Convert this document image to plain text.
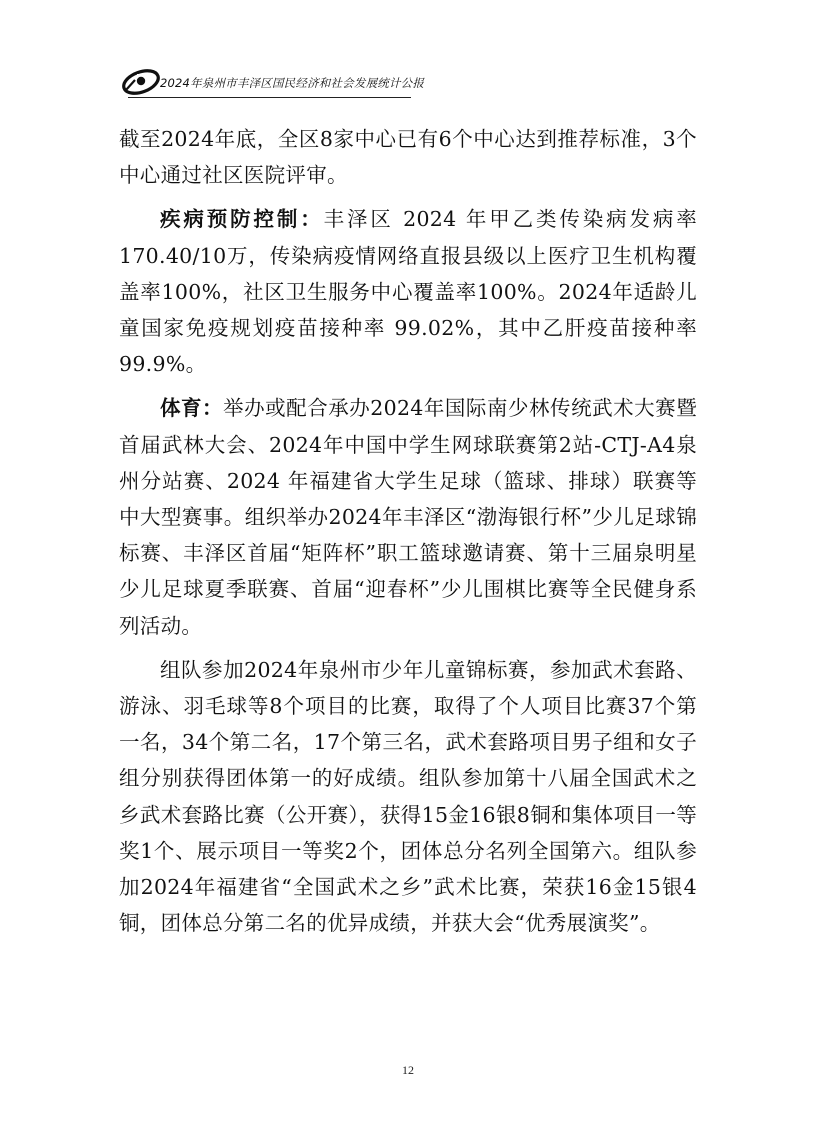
2024年泉州市丰泽区国民经济和社会发展统计公报

截至2024年底，全区8家中心已有6个中心达到推荐标准，3个中心通过社区医院评审。

疾病预防控制：丰泽区 2024 年甲乙类传染病发病率170.40/10万，传染病疫情网络直报县级以上医疗卫生机构覆盖率100%，社区卫生服务中心覆盖率100%。2024年适龄儿童国家免疫规划疫苗接种率 99.02%，其中乙肝疫苗接种率99.9%。

体育：举办或配合承办2024年国际南少林传统武术大赛暨首届武林大会、2024年中国中学生网球联赛第2站-CTJ-A4泉州分站赛、2024 年福建省大学生足球（篮球、排球）联赛等中大型赛事。组织举办2024年丰泽区“渤海银行杯”少儿足球锦标赛、丰泽区首届“矩阵杯”职工篮球邀请赛、第十三届泉明星少儿足球夏季联赛、首届“迎春杯”少儿围棋比赛等全民健身系列活动。

组队参加2024年泉州市少年儿童锦标赛，参加武术套路、游泳、羽毛球等8个项目的比赛，取得了个人项目比赛37个第一名，34个第二名，17个第三名，武术套路项目男子组和女子组分别获得团体第一的好成绩。组队参加第十八届全国武术之乡武术套路比赛（公开赛），获得15金16银8铜和集体项目一等奖1个、展示项目一等奖2个，团体总分名列全国第六。组队参加2024年福建省“全国武术之乡”武术比赛，荣获16金15银4铜，团体总分第二名的优异成绩，并获大会“优秀展演奖”。

12
